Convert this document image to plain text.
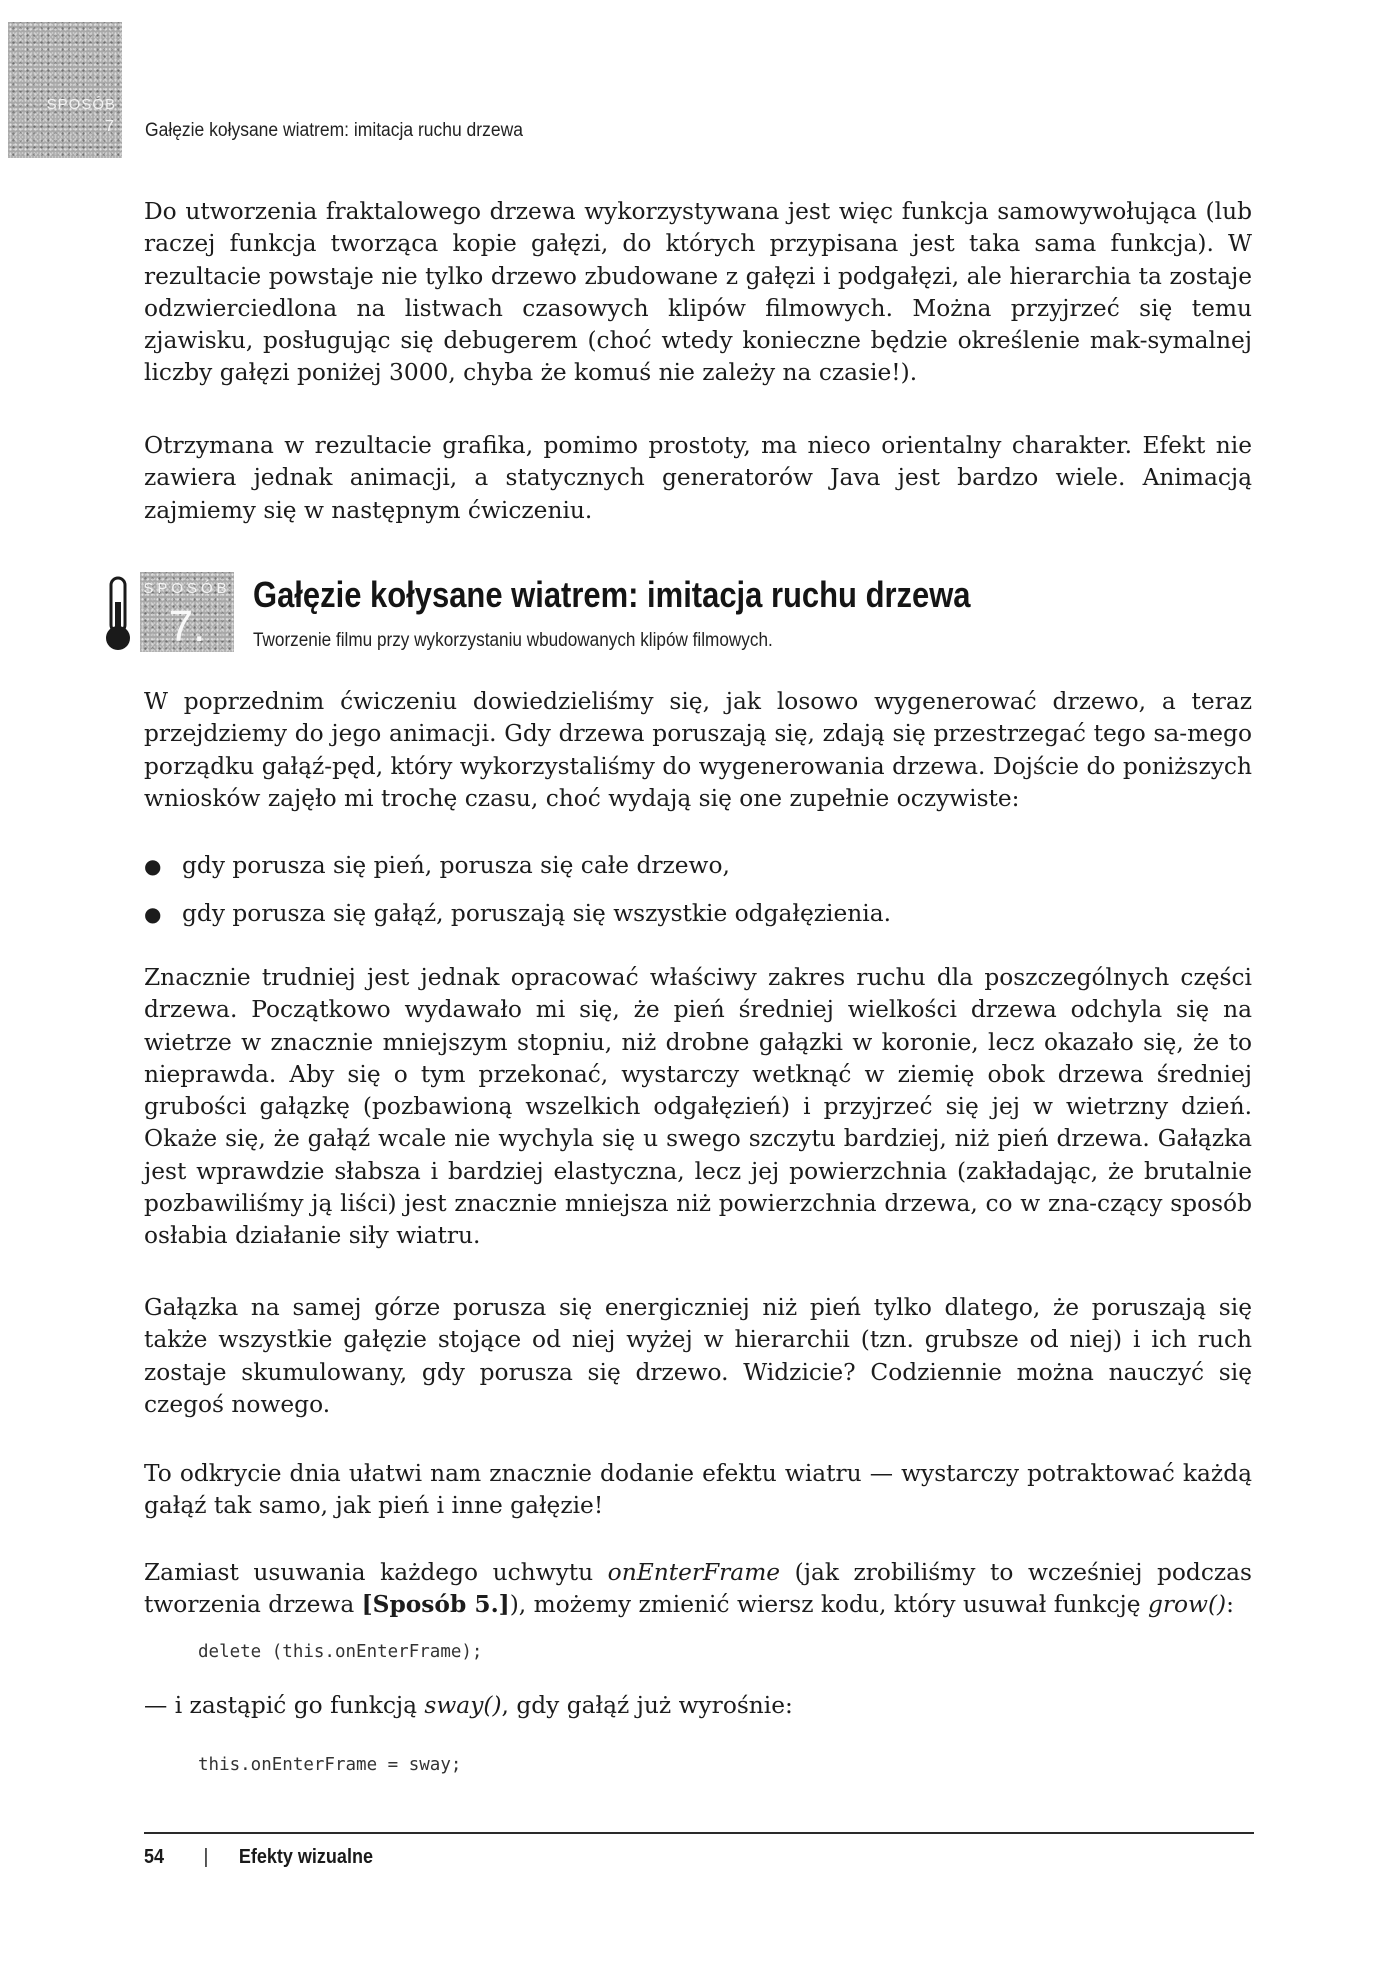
SPOSÓB
7 Gałęzie kołysane wiatrem: imitacja ruchu drzewa

Do utworzenia fraktalowego drzewa wykorzystywana jest więc funkcja samowywołująca (lub raczej funkcja tworząca kopie gałęzi, do których przypisana jest taka sama funkcja). W rezultacie powstaje nie tylko drzewo zbudowane z gałęzi i podgałęzi, ale hierarchia ta zostaje odzwierciedlona na listwach czasowych klipów filmowych. Można przyjrzeć się temu zjawisku, posługując się debugerem (choć wtedy konieczne będzie określenie mak-symalnej liczby gałęzi poniżej 3000, chyba że komuś nie zależy na czasie!).

Otrzymana w rezultacie grafika, pomimo prostoty, ma nieco orientalny charakter. Efekt nie zawiera jednak animacji, a statycznych generatorów Java jest bardzo wiele. Animacją zajmiemy się w następnym ćwiczeniu.

SPOSÓB
7.
Gałęzie kołysane wiatrem: imitacja ruchu drzewa
Tworzenie filmu przy wykorzystaniu wbudowanych klipów filmowych.

W poprzednim ćwiczeniu dowiedzieliśmy się, jak losowo wygenerować drzewo, a teraz przejdziemy do jego animacji. Gdy drzewa poruszają się, zdają się przestrzegać tego sa-mego porządku gałąź-pęd, który wykorzystaliśmy do wygenerowania drzewa. Dojście do poniższych wniosków zajęło mi trochę czasu, choć wydają się one zupełnie oczywiste:

● gdy porusza się pień, porusza się całe drzewo,
● gdy porusza się gałąź, poruszają się wszystkie odgałęzienia.

Znacznie trudniej jest jednak opracować właściwy zakres ruchu dla poszczególnych części drzewa. Początkowo wydawało mi się, że pień średniej wielkości drzewa odchyla się na wietrze w znacznie mniejszym stopniu, niż drobne gałązki w koronie, lecz okazało się, że to nieprawda. Aby się o tym przekonać, wystarczy wetknąć w ziemię obok drzewa średniej grubości gałązkę (pozbawioną wszelkich odgałęzień) i przyjrzeć się jej w wietrzny dzień. Okaże się, że gałąź wcale nie wychyla się u swego szczytu bardziej, niż pień drzewa. Gałązka jest wprawdzie słabsza i bardziej elastyczna, lecz jej powierzchnia (zakładając, że brutalnie pozbawiliśmy ją liści) jest znacznie mniejsza niż powierzchnia drzewa, co w zna-czący sposób osłabia działanie siły wiatru.

Gałązka na samej górze porusza się energiczniej niż pień tylko dlatego, że poruszają się także wszystkie gałęzie stojące od niej wyżej w hierarchii (tzn. grubsze od niej) i ich ruch zostaje skumulowany, gdy porusza się drzewo. Widzicie? Codziennie można nauczyć się czegoś nowego.

To odkrycie dnia ułatwi nam znacznie dodanie efektu wiatru — wystarczy potraktować każdą gałąź tak samo, jak pień i inne gałęzie!

Zamiast usuwania każdego uchwytu onEnterFrame (jak zrobiliśmy to wcześniej podczas tworzenia drzewa [Sposób 5.]), możemy zmienić wiersz kodu, który usuwał funkcję grow():

delete (this.onEnterFrame);

— i zastąpić go funkcją sway(), gdy gałąź już wyrośnie:

this.onEnterFrame = sway;
54 | Efekty wizualne
